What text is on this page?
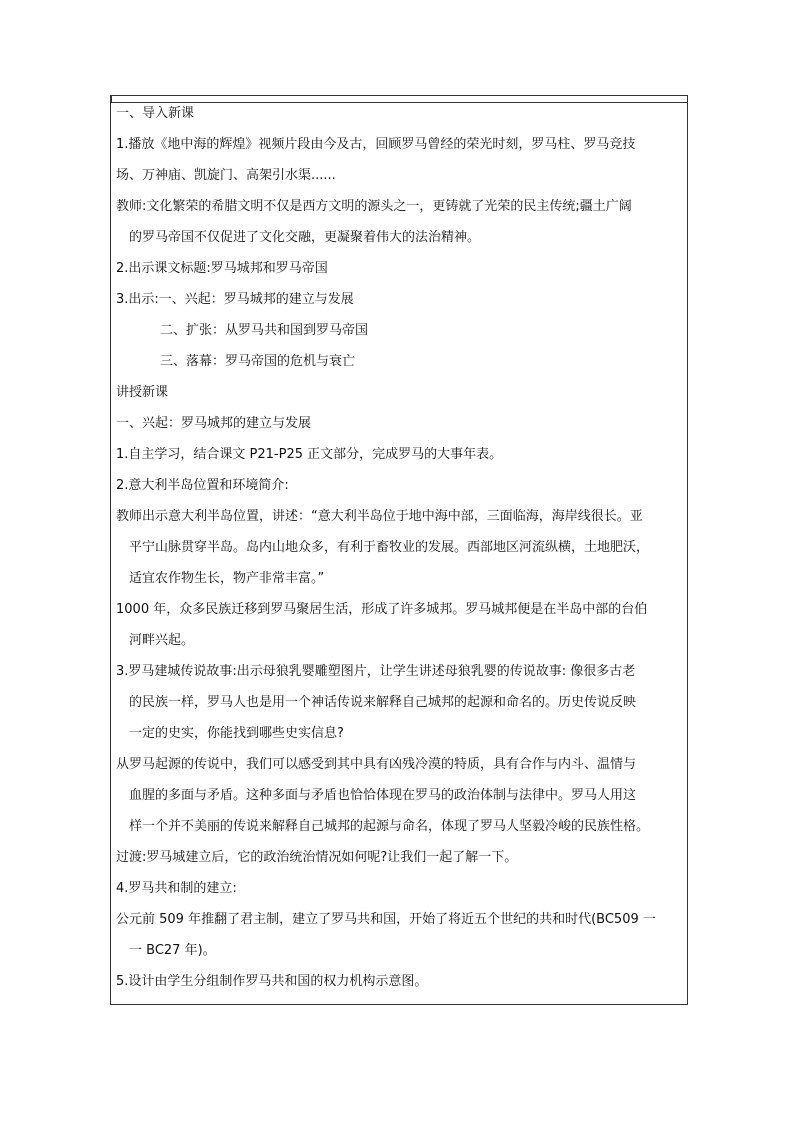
一、导入新课

1.播放《地中海的辉煌》视频片段由今及古，回顾罗马曾经的荣光时刻，罗马柱、罗马竞技

场、万神庙、凯旋门、高架引水渠......

教师:文化繁荣的希腊文明不仅是西方文明的源头之一，更铸就了光荣的民主传统;疆土广阔

的罗马帝国不仅促进了文化交融，更凝聚着伟大的法治精神。

2.出示课文标题:罗马城邦和罗马帝国

3.出示:一、兴起：罗马城邦的建立与发展

二、扩张：从罗马共和国到罗马帝国

三、落幕：罗马帝国的危机与衰亡

讲授新课

一、兴起：罗马城邦的建立与发展

1.自主学习，结合课文 P21-P25 正文部分，完成罗马的大事年表。

2.意大利半岛位置和环境简介:

教师出示意大利半岛位置，讲述：“意大利半岛位于地中海中部，三面临海，海岸线很长。亚

平宁山脉贯穿半岛。岛内山地众多，有利于畜牧业的发展。西部地区河流纵横，土地肥沃，

适宜农作物生长，物产非常丰富。”

1000 年，众多民族迁移到罗马聚居生活，形成了许多城邦。罗马城邦便是在半岛中部的台伯

河畔兴起。

3.罗马建城传说故事:出示母狼乳婴雕塑图片，让学生讲述母狼乳婴的传说故事: 像很多古老

的民族一样，罗马人也是用一个神话传说来解释自己城邦的起源和命名的。历史传说反映

一定的史实，你能找到哪些史实信息?

从罗马起源的传说中，我们可以感受到其中具有凶残冷漠的特质，具有合作与内斗、温情与

血腥的多面与矛盾。这种多面与矛盾也恰恰体现在罗马的政治体制与法律中。罗马人用这

样一个并不美丽的传说来解释自己城邦的起源与命名，体现了罗马人坚毅冷峻的民族性格。

过渡:罗马城建立后，它的政治统治情况如何呢?让我们一起了解一下。

4.罗马共和制的建立:

公元前 509 年推翻了君主制，建立了罗马共和国，开始了将近五个世纪的共和时代(BC509 一

一 BC27 年)。

5.设计由学生分组制作罗马共和国的权力机构示意图。
